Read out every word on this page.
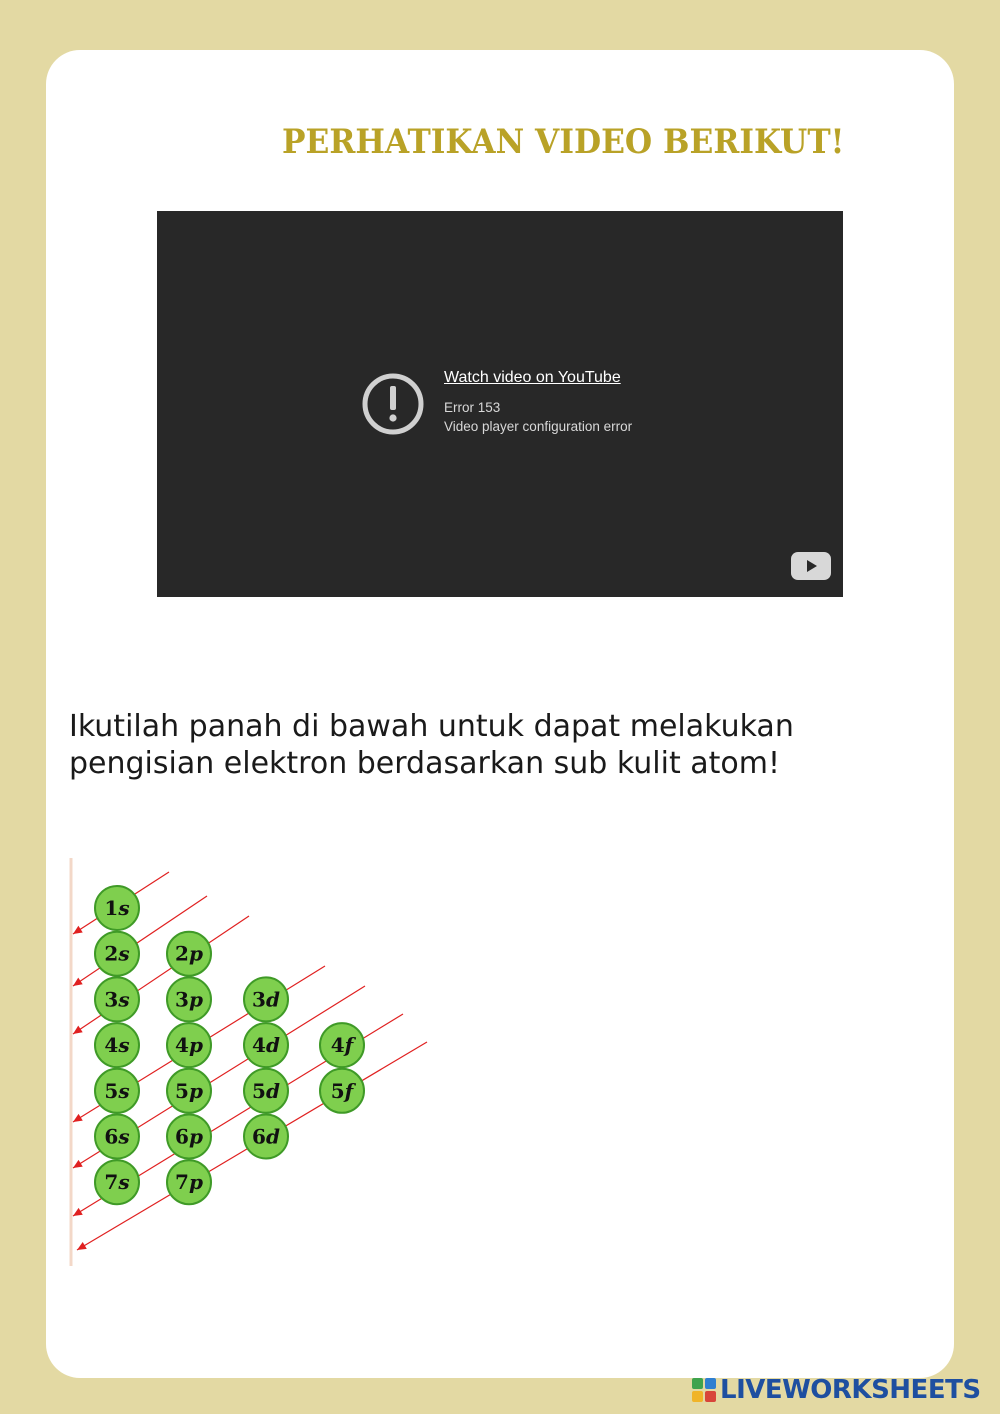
PERHATIKAN VIDEO BERIKUT!
Watch video on YouTube
Error 153
Video player configuration error
Ikutilah panah di bawah untuk dapat melakukan pengisian elektron berdasarkan sub kulit atom!
1s
2s 2p
3s 3p 3d
4s 4p 4d	4f
5s 5p 5d	5f
6s 6p 6d
7s 7p
LIVEWORKSHEETS
